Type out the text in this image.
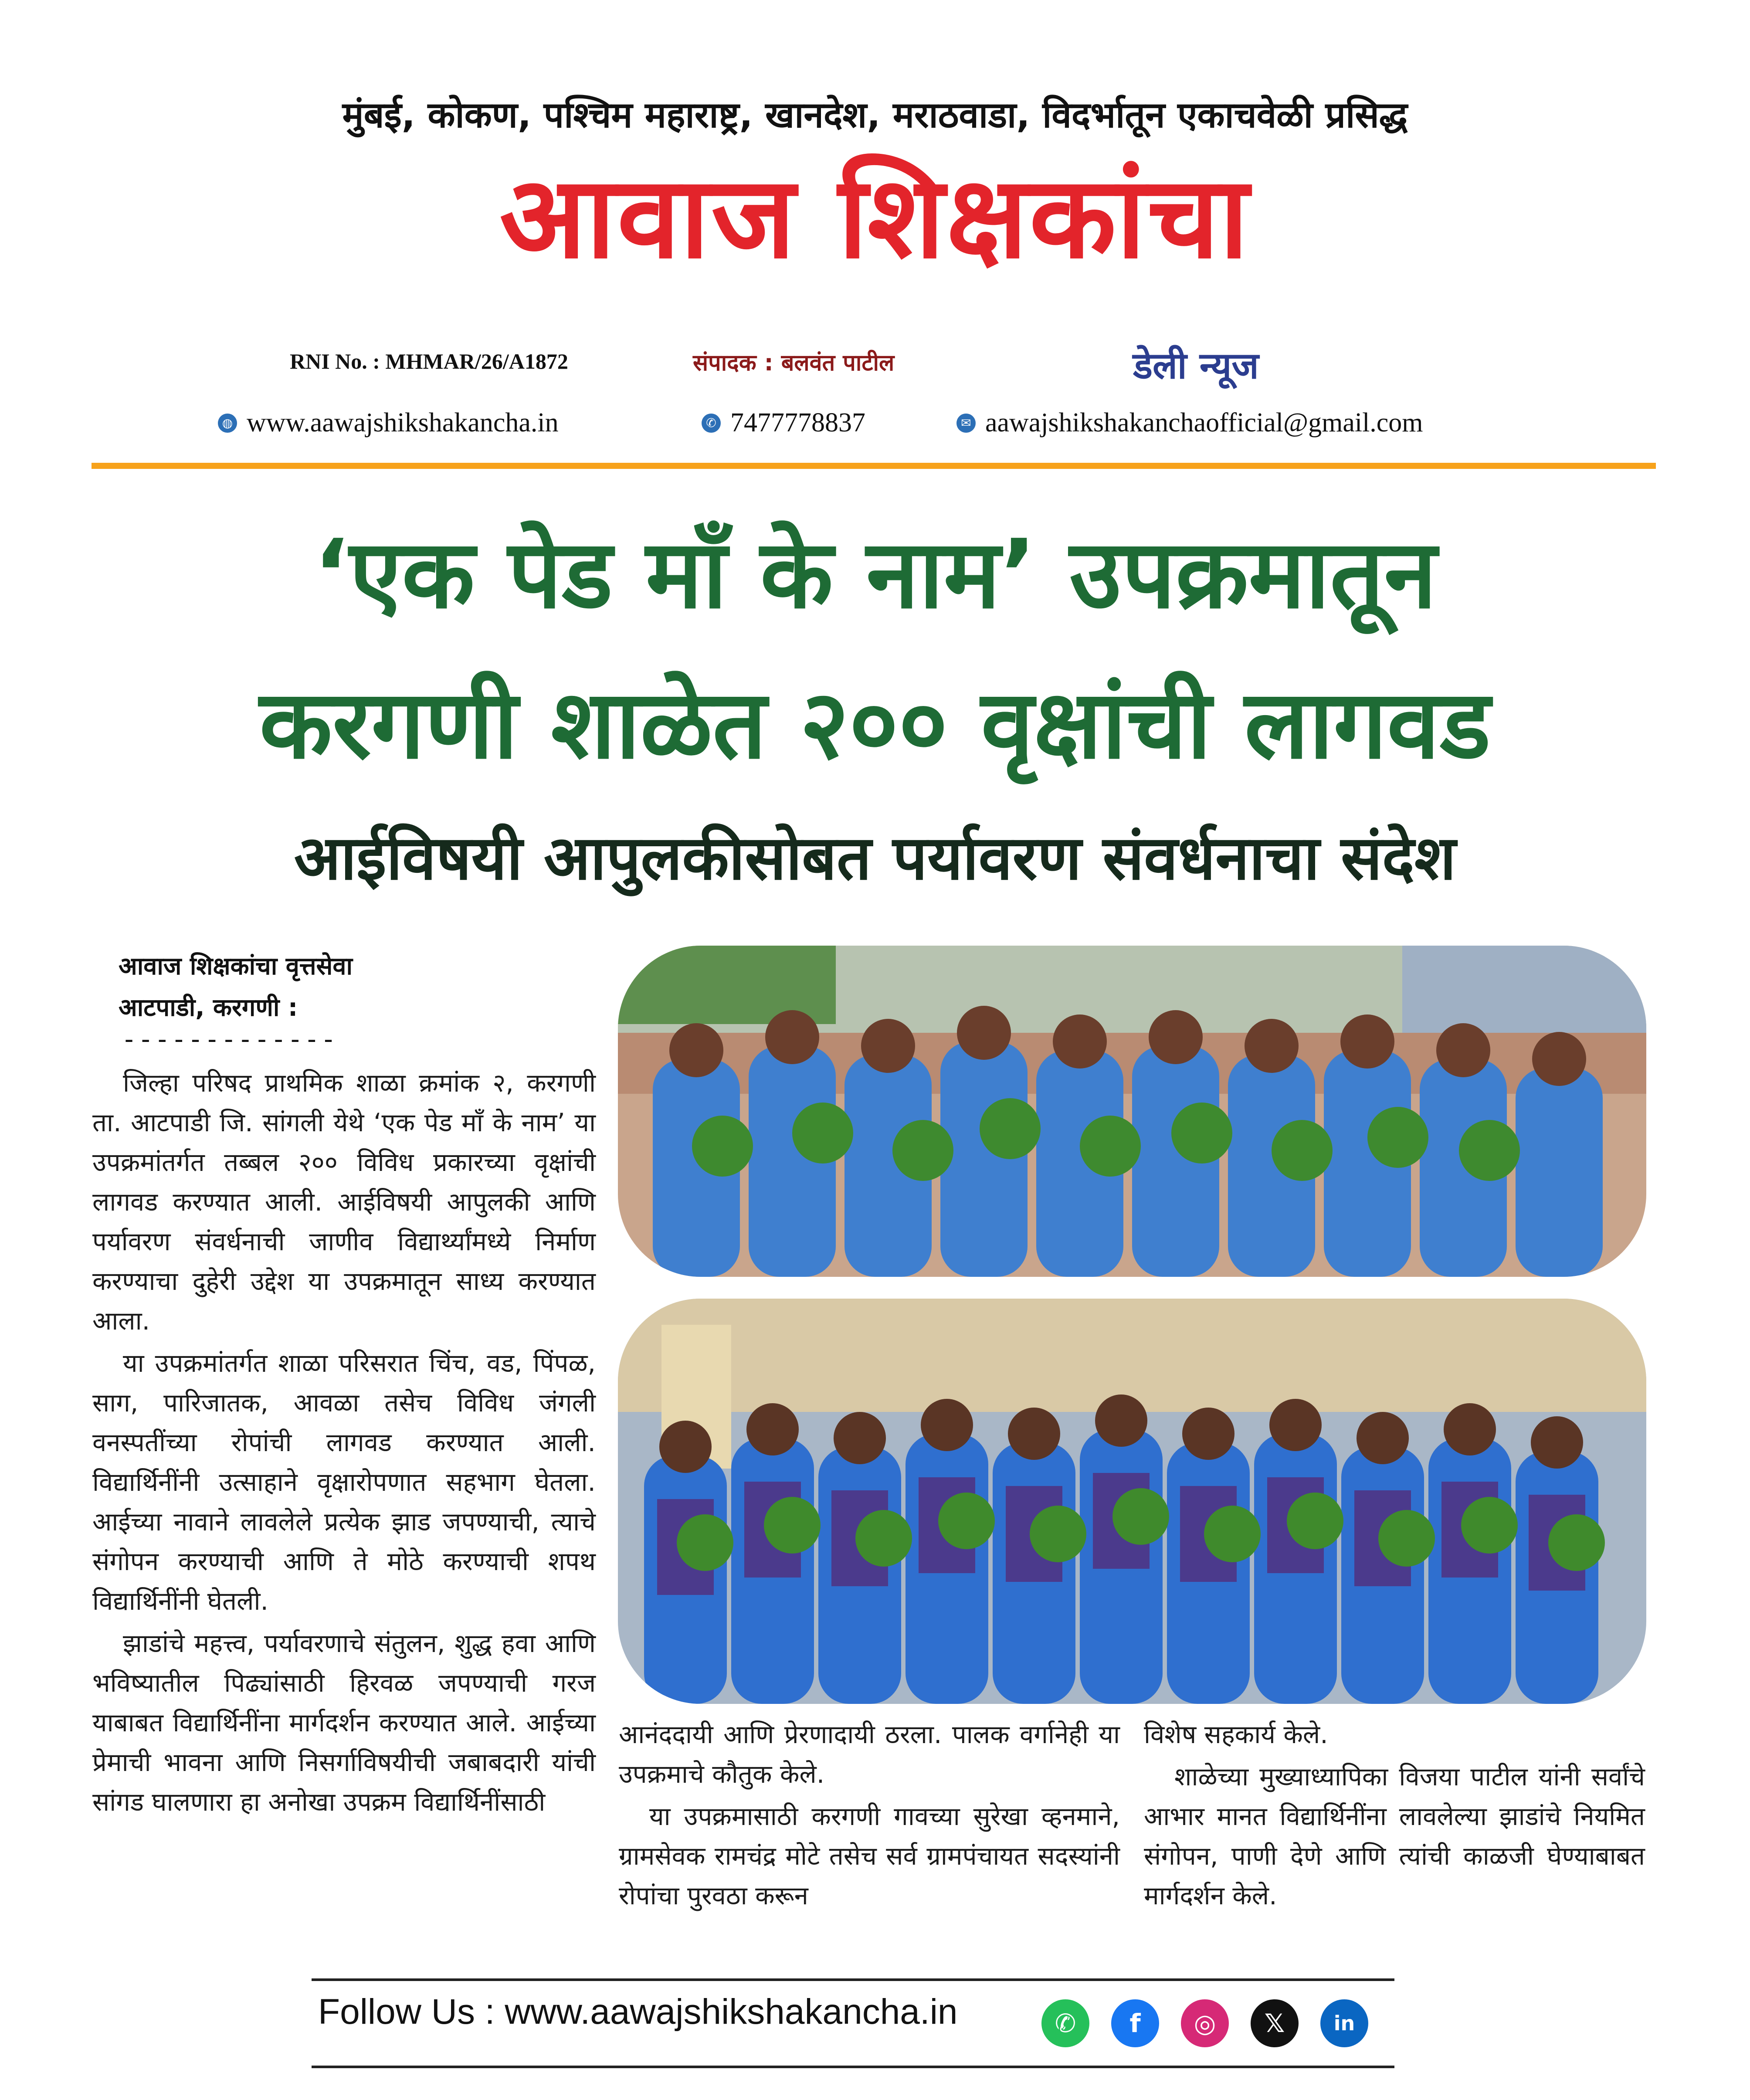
मुंबई, कोकण, पश्चिम महाराष्ट्र, खानदेश, मराठवाडा, विदर्भातून एकाचवेळी प्रसिद्ध
आवाज शिक्षकांचा
RNI No. : MHMAR/26/A1872	संपादक : बलवंत पाटील	डेली न्यूज
◍ www.aawajshikshakancha.in	✆ 7477778837	✉ aawajshikshakanchaofficial@gmail.com
‘एक पेड माँ के नाम’ उपक्रमातून
करगणी शाळेत २०० वृक्षांची लागवड
आईविषयी आपुलकीसोबत पर्यावरण संवर्धनाचा संदेश
आवाज शिक्षकांचा वृत्तसेवा
आटपाडी, करगणी :
-------------

जिल्हा परिषद प्राथमिक शाळा क्रमांक २, करगणी ता. आटपाडी जि. सांगली येथे ‘एक पेड माँ के नाम’ या उपक्रमांतर्गत तब्बल २०० विविध प्रकारच्या वृक्षांची लागवड करण्यात आली. आईविषयी आपुलकी आणि पर्यावरण संवर्धनाची जाणीव विद्यार्थ्यांमध्ये निर्माण करण्याचा दुहेरी उद्देश या उपक्रमातून साध्य करण्यात आला.

या उपक्रमांतर्गत शाळा परिसरात चिंच, वड, पिंपळ, साग, पारिजातक, आवळा तसेच विविध जंगली वनस्पतींच्या रोपांची लागवड करण्यात आली. विद्यार्थिनींनी उत्साहाने वृक्षारोपणात सहभाग घेतला. आईच्या नावाने लावलेले प्रत्येक झाड जपण्याची, त्याचे संगोपन करण्याची आणि ते मोठे करण्याची शपथ विद्यार्थिनींनी घेतली.

झाडांचे महत्त्व, पर्यावरणाचे संतुलन, शुद्ध हवा आणि भविष्यातील पिढ्यांसाठी हिरवळ जपण्याची गरज याबाबत विद्यार्थिनींना मार्गदर्शन करण्यात आले. आईच्या प्रेमाची भावना आणि निसर्गाविषयीची जबाबदारी यांची सांगड घालणारा हा अनोखा उपक्रम विद्यार्थिनींसाठी

आनंददायी आणि प्रेरणादायी ठरला. पालक वर्गानेही या उपक्रमाचे कौतुक केले.

या उपक्रमासाठी करगणी गावच्या सुरेखा व्हनमाने, ग्रामसेवक रामचंद्र मोटे तसेच सर्व ग्रामपंचायत सदस्यांनी रोपांचा पुरवठा करून

विशेष सहकार्य केले.

शाळेच्या मुख्याध्यापिका विजया पाटील यांनी सर्वांचे आभार मानत विद्यार्थिनींना लावलेल्या झाडांचे नियमित संगोपन, पाणी देणे आणि त्यांची काळजी घेण्याबाबत मार्गदर्शन केले.

Follow Us : www.aawajshikshakancha.in	✆	f	◎	𝕏	in
